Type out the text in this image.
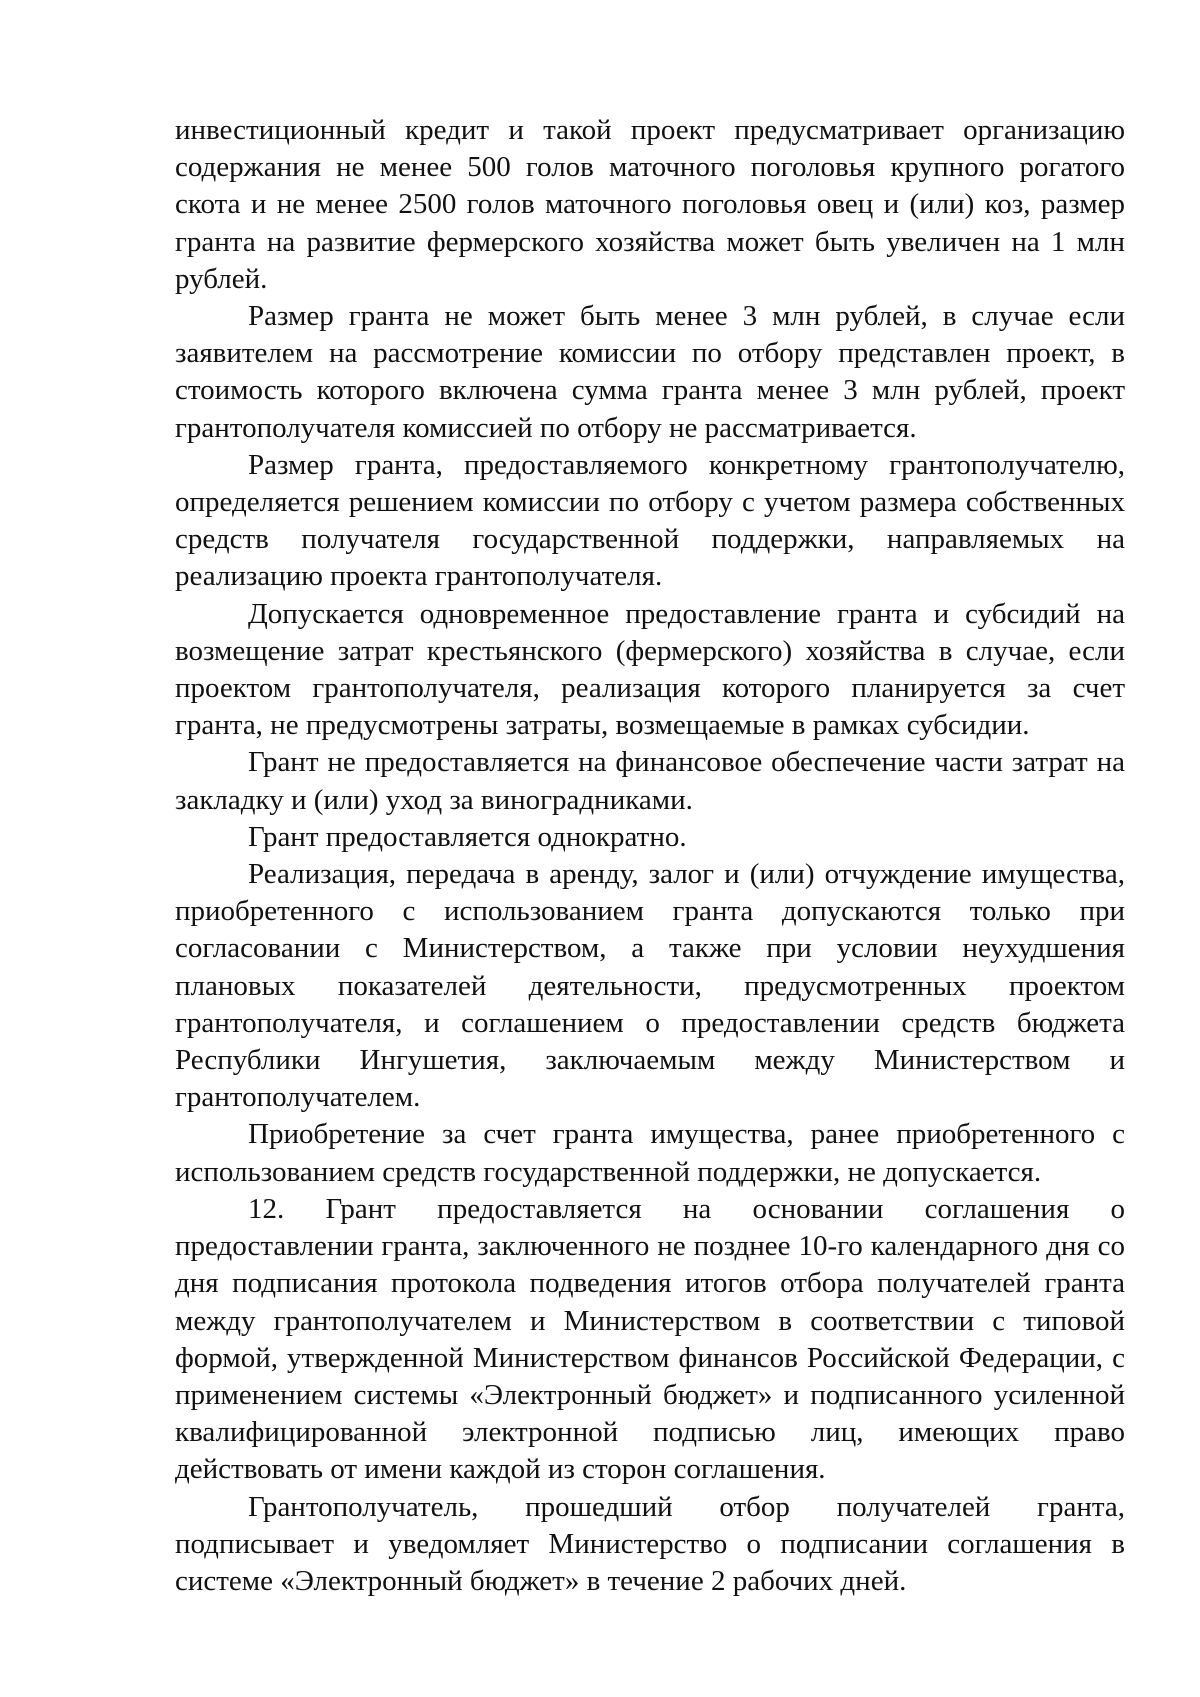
инвестиционный кредит и такой проект предусматривает организацию содержания не менее 500 голов маточного поголовья крупного рогатого скота и не менее 2500 голов маточного поголовья овец и (или) коз, размер гранта на развитие фермерского хозяйства может быть увеличен на 1 млн рублей.

Размер гранта не может быть менее 3 млн рублей, в случае если заявителем на рассмотрение комиссии по отбору представлен проект, в стоимость которого включена сумма гранта менее 3 млн рублей, проект грантополучателя комиссией по отбору не рассматривается.

Размер гранта, предоставляемого конкретному грантополучателю, определяется решением комиссии по отбору с учетом размера собственных средств получателя государственной поддержки, направляемых на реализацию проекта грантополучателя.

Допускается одновременное предоставление гранта и субсидий на возмещение затрат крестьянского (фермерского) хозяйства в случае, если проектом грантополучателя, реализация которого планируется за счет гранта, не предусмотрены затраты, возмещаемые в рамках субсидии.

Грант не предоставляется на финансовое обеспечение части затрат на закладку и (или) уход за виноградниками.

Грант предоставляется однократно.

Реализация, передача в аренду, залог и (или) отчуждение имущества, приобретенного с использованием гранта допускаются только при согласовании с Министерством, а также при условии неухудшения плановых показателей деятельности, предусмотренных проектом грантополучателя, и соглашением о предоставлении средств бюджета Республики Ингушетия, заключаемым между Министерством и грантополучателем.

Приобретение за счет гранта имущества, ранее приобретенного с использованием средств государственной поддержки, не допускается.

12. Грант предоставляется на основании соглашения о предоставлении гранта, заключенного не позднее 10-го календарного дня со дня подписания протокола подведения итогов отбора получателей гранта между грантополучателем и Министерством в соответствии с типовой формой, утвержденной Министерством финансов Российской Федерации, с применением системы «Электронный бюджет» и подписанного усиленной квалифицированной электронной подписью лиц, имеющих право действовать от имени каждой из сторон соглашения.

Грантополучатель, прошедший отбор получателей гранта, подписывает и уведомляет Министерство о подписании соглашения в системе «Электронный бюджет» в течение 2 рабочих дней.
